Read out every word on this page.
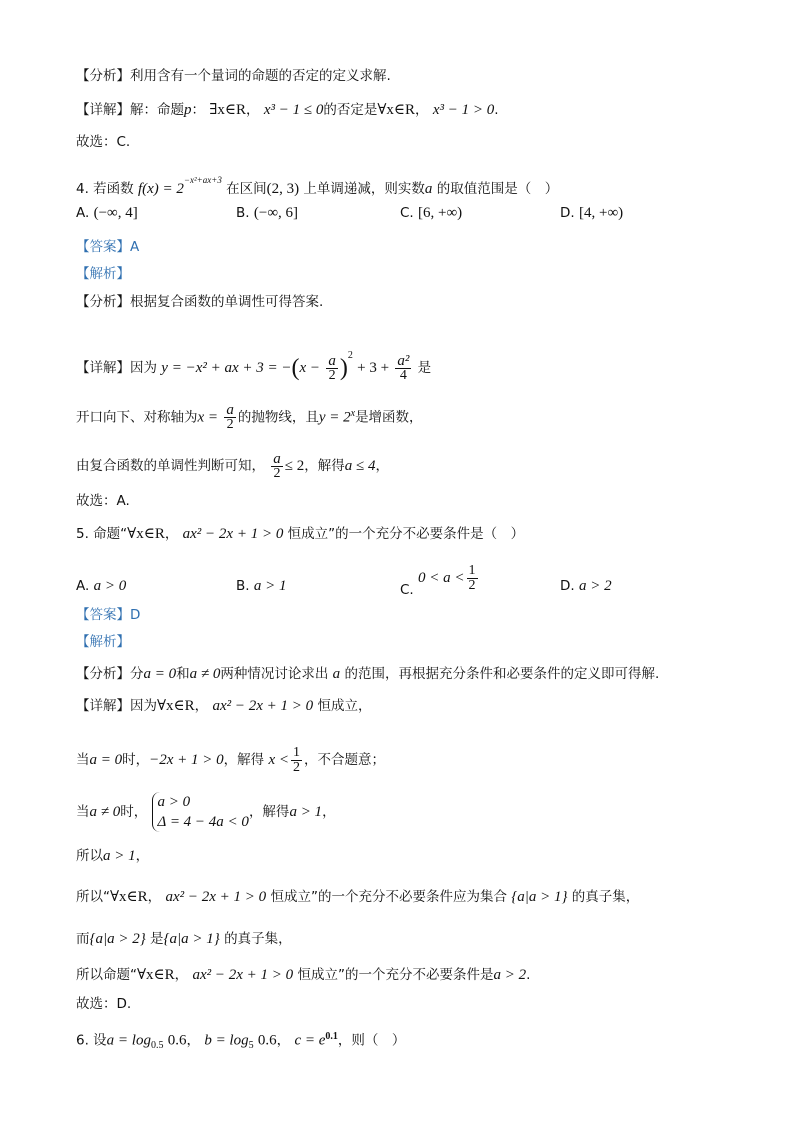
【分析】利用含有一个量词的命题的否定的定义求解.
【详解】解：命题p： ∃x∈R， x³ − 1 ≤ 0的否定是∀x∈R， x³ − 1 > 0.
故选：C.
4. 若函数 $f(x) = 2^{-x^2+ax+3}$ 在区间(2, 3) 上单调递减，则实数a 的取值范围是（　）
A. (−∞, 4]	B. (−∞, 6]	C. [6, +∞)	D. [4, +∞)
【答案】A
【解析】
【分析】根据复合函数的单调性可得答案.
【详解】因为 y = −x² + ax + $3 = -(x - \frac{a}{2} )^2 + 3 + \frac{\text{a²}}{4}$ 是
开口向下、对称轴为$x = \frac{a}{2}$ 的抛物线，且$y = 2^x$是增函数，
由复合函数的单调性判断可知， $\frac{a}{2} \le 2$，解得a ≤ 4，
故选：A.
5. 命题“∀x∈R， ax² − 2x + 1 > 0 恒成立”的一个充分不必要条件是（　）
A. a > 0	B. a > 1	C. $0 < a < \frac{1}{2}$	D. a > 2
【答案】D
【解析】
【分析】分a = 0和a ≠ 0两种情况讨论求出 a 的范围，再根据充分条件和必要条件的定义即可得解.
【详解】因为∀x∈R， ax² − 2x + 1 > 0 恒成立，
当a = 0时，−2x + 1 > 0，解得 $x < \frac{1}{2}$ ，不合题意；
当a ≠ 0时，
a > 0
Δ = 4 − 4a < 0
，解得a > 1，
所以a > 1，
所以“∀x∈R， ax² − 2x + 1 > 0 恒成立”的一个充分不必要条件应为集合 {a|a > 1} 的真子集，
而{a|a > 2} 是{a|a > 1} 的真子集，
所以命题“∀x∈R， ax² − 2x + 1 > 0 恒成立”的一个充分不必要条件是a > 2.
故选：D.
6. 设$a = \log_{0.5} 0.6$， $b = \log_5 0.6$， $c = e^{0.1}$，则（　）
